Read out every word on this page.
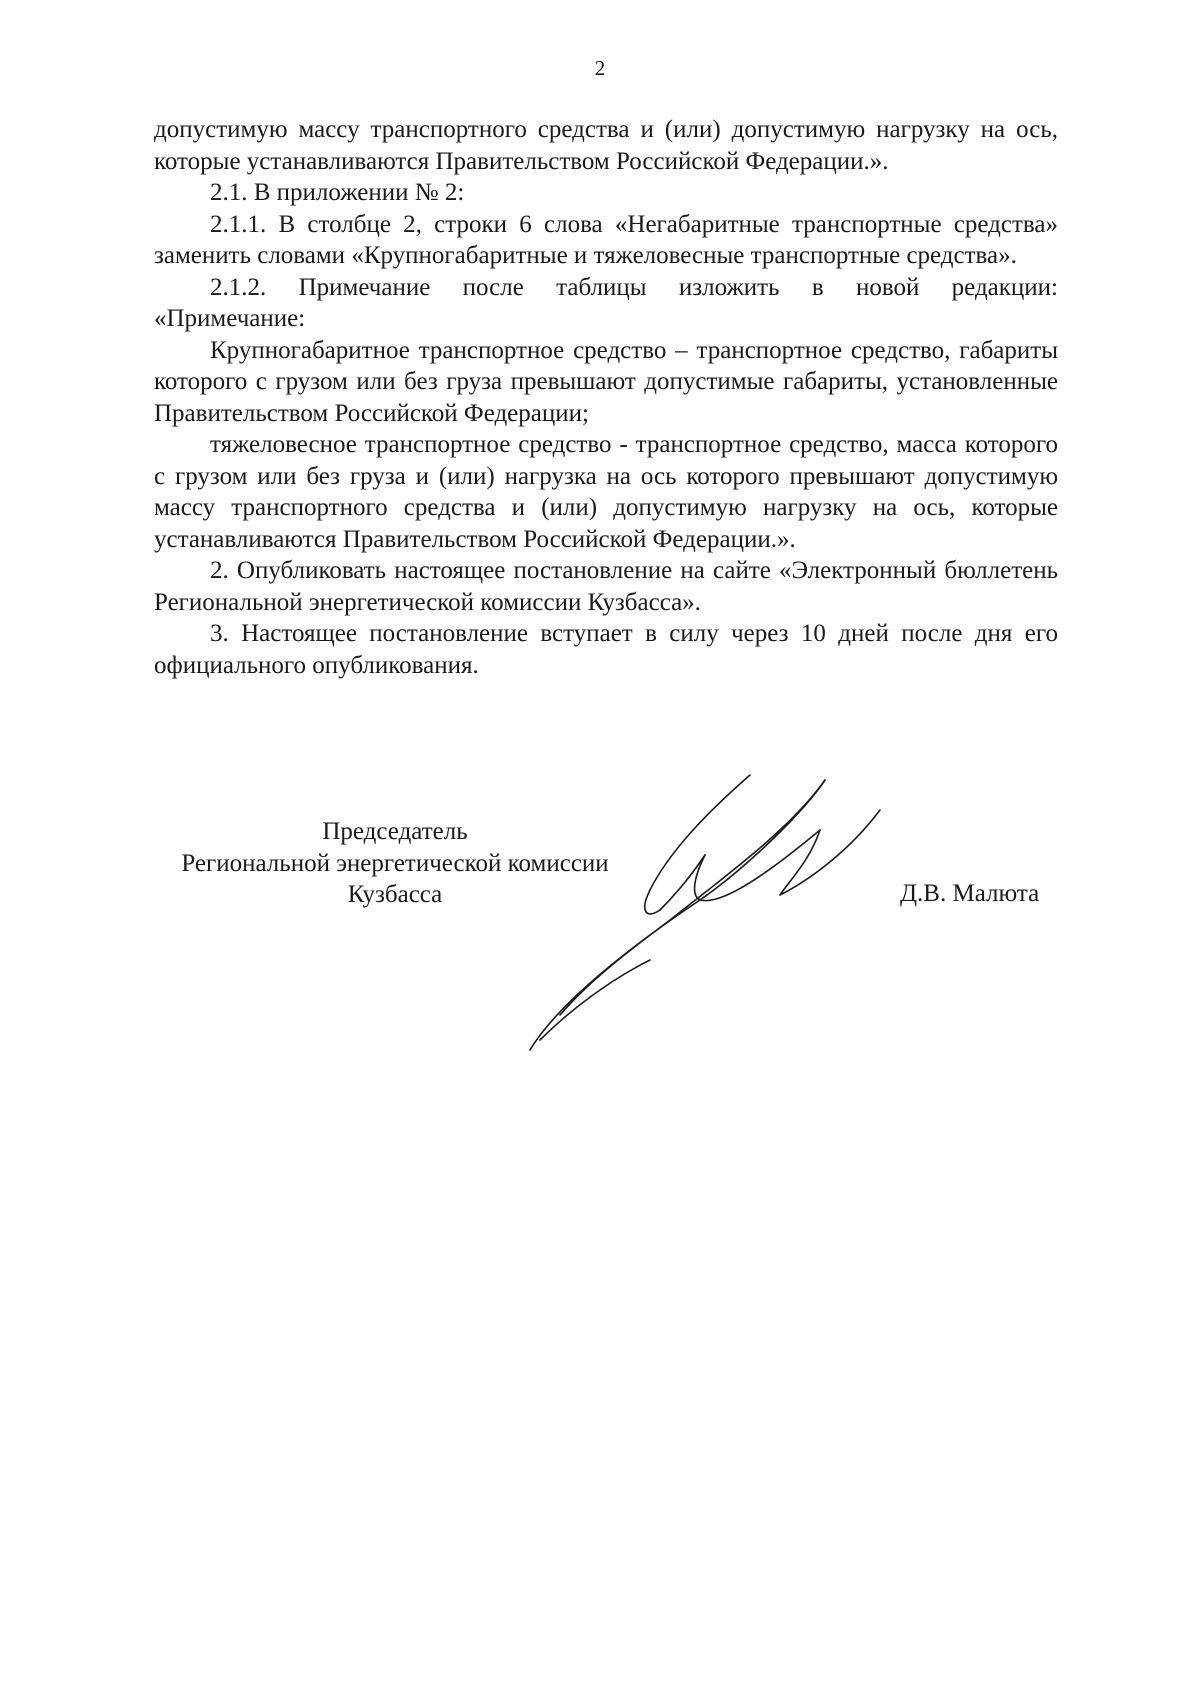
2

допустимую массу транспортного средства и (или) допустимую нагрузку на ось, которые устанавливаются Правительством Российской Федерации.».

2.1. В приложении № 2:

2.1.1. В столбце 2, строки 6 слова «Негабаритные транспортные средства» заменить словами «Крупногабаритные и тяжеловесные транспортные средства».

2.1.2. Примечание после таблицы изложить в новой редакции:

«Примечание:

Крупногабаритное транспортное средство – транспортное средство, габариты которого с грузом или без груза превышают допустимые габариты, установленные Правительством Российской Федерации;

тяжеловесное транспортное средство - транспортное средство, масса которого с грузом или без груза и (или) нагрузка на ось которого превышают допустимую массу транспортного средства и (или) допустимую нагрузку на ось, которые устанавливаются Правительством Российской Федерации.».

2. Опубликовать настоящее постановление на сайте «Электронный бюллетень Региональной энергетической комиссии Кузбасса».

3. Настоящее постановление вступает в силу через 10 дней после дня его официального опубликования.

Председатель
Региональной энергетической комиссии
Кузбасса	Д.В. Малюта
